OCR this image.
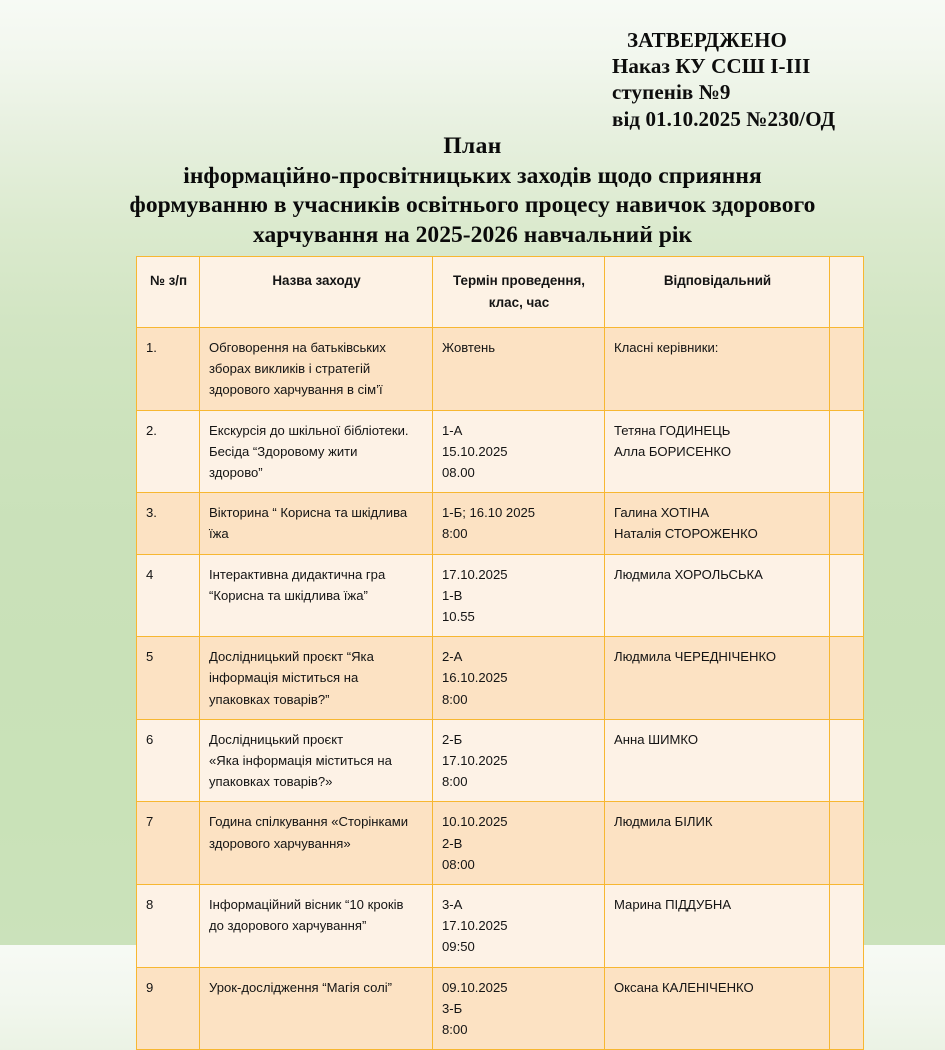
ЗАТВЕРДЖЕНО
Наказ КУ ССШ I-III
ступенів №9
від 01.10.2025 №230/ОД
План
інформаційно-просвітницьких заходів щодо сприяння
формуванню в учасників освітнього процесу навичок здорового
харчування на 2025-2026 навчальний рік
№ з/п	Назва заходу	Термін проведення,
клас, час	Відповідальний	
1.	Обговорення на батьківських
зборах викликів і стратегій
здорового харчування в сім’ї	Жовтень	Класні керівники:	

2.	Екскурсія до шкільної бібліотеки.
Бесіда “Здоровому жити
здорово”	1-А
15.10.2025
08.00	Тетяна ГОДИНЕЦЬ
Алла БОРИСЕНКО	

3.	Вікторина “ Корисна та шкідлива
їжа	1-Б; 16.10 2025
8:00	Галина ХОТІНА
Наталія СТОРОЖЕНКО	

4	Інтерактивна дидактична гра
“Корисна та шкідлива їжа”	17.10.2025
1-В
10.55	Людмила ХОРОЛЬСЬКА	

5	Дослідницький проєкт “Яка
інформація міститься на
упаковках товарів?”	2-А
16.10.2025
8:00	Людмила ЧЕРЕДНІЧЕНКО	

6	Дослідницький проєкт
«Яка інформація міститься на
упаковках товарів?»	2-Б
17.10.2025
8:00	Анна ШИМКО	

7	Година спілкування «Сторінками
здорового харчування»	10.10.2025
2-В
08:00	Людмила БІЛИК	

8	Інформаційний вісник “10 кроків
до здорового харчування”	3-А
17.10.2025
09:50	Марина ПІДДУБНА	

9	Урок-дослідження “Магія солі”	09.10.2025
3-Б
8:00	Оксана КАЛЕНІЧЕНКО	
